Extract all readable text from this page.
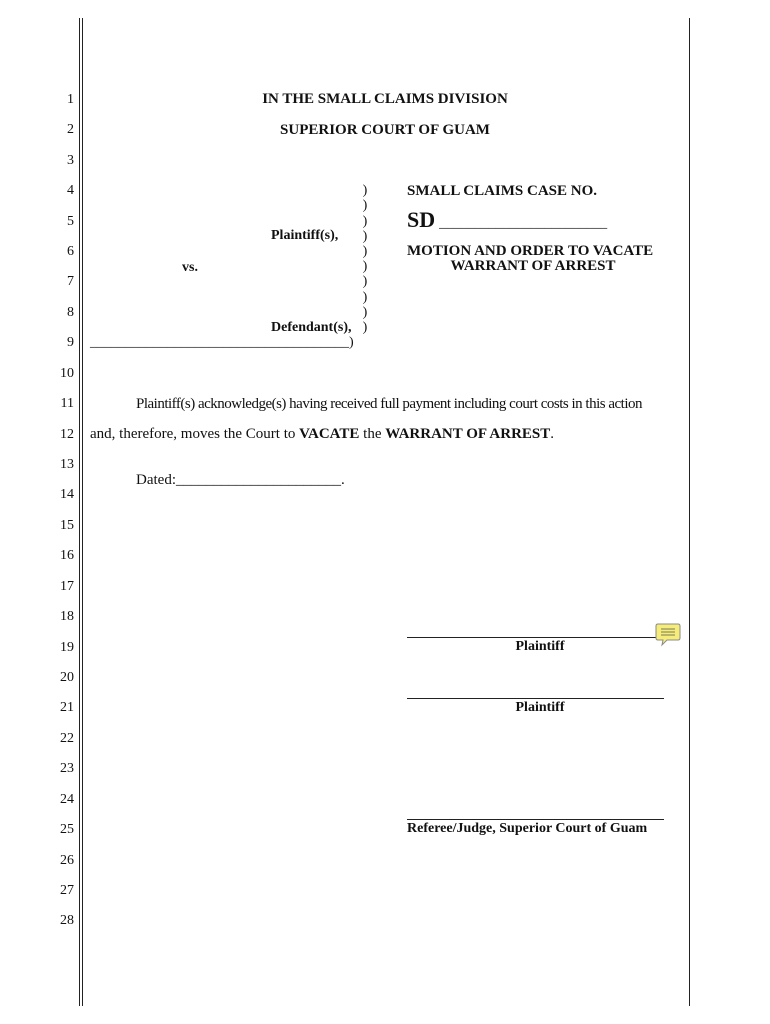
1
2
3
4
5
6
7
8
9
10
11
12
13
14
15
16
17
18
19
20
21
22
23
24
25
26
27
28
IN THE SMALL CLAIMS DIVISION
SUPERIOR COURT OF GUAM
)
)
)
)
)
)
)
)
)
)
Plaintiff(s),
vs.
Defendant(s),
_____________________________________)
SMALL CLAIMS CASE NO.
SD ________________________
MOTION AND ORDER TO VACATE
WARRANT OF ARREST
Plaintiff(s) acknowledge(s) having received full payment including court costs in this action
and, therefore, moves the Court to VACATE the WARRANT OF ARREST.
Dated:______________________.
Plaintiff
Plaintiff
Referee/Judge, Superior Court of Guam
